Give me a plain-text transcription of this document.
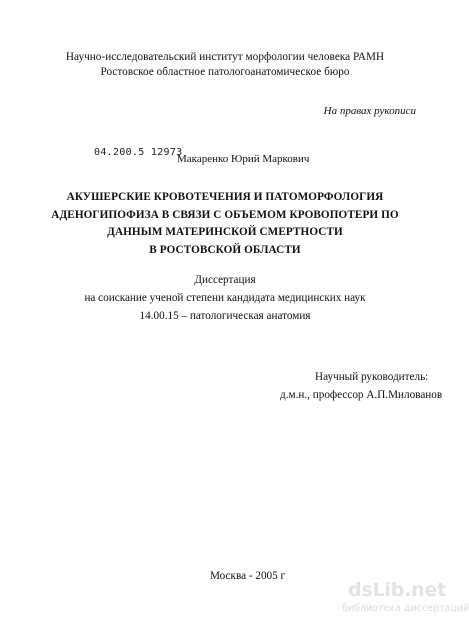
Научно-исследовательский институт морфологии человека РАМН
Ростовское областное патологоанатомическое бюро
На правах рукописи
04.200.5 12973
Макаренко Юрий Маркович
АКУШЕРСКИЕ КРОВОТЕЧЕНИЯ И ПАТОМОРФОЛОГИЯ
АДЕНОГИПОФИЗА В СВЯЗИ С ОБЪЕМОМ КРОВОПОТЕРИ ПО
ДАННЫМ МАТЕРИНСКОЙ СМЕРТНОСТИ
В РОСТОВСКОЙ ОБЛАСТИ
Диссертация
на соискание ученой степени кандидата медицинских наук
14.00.15 – патологическая анатомия
Научный руководитель:
д.м.н., профессор А.П.Милованов
Москва - 2005 г
dsLib.net
библиотека диссертаций
